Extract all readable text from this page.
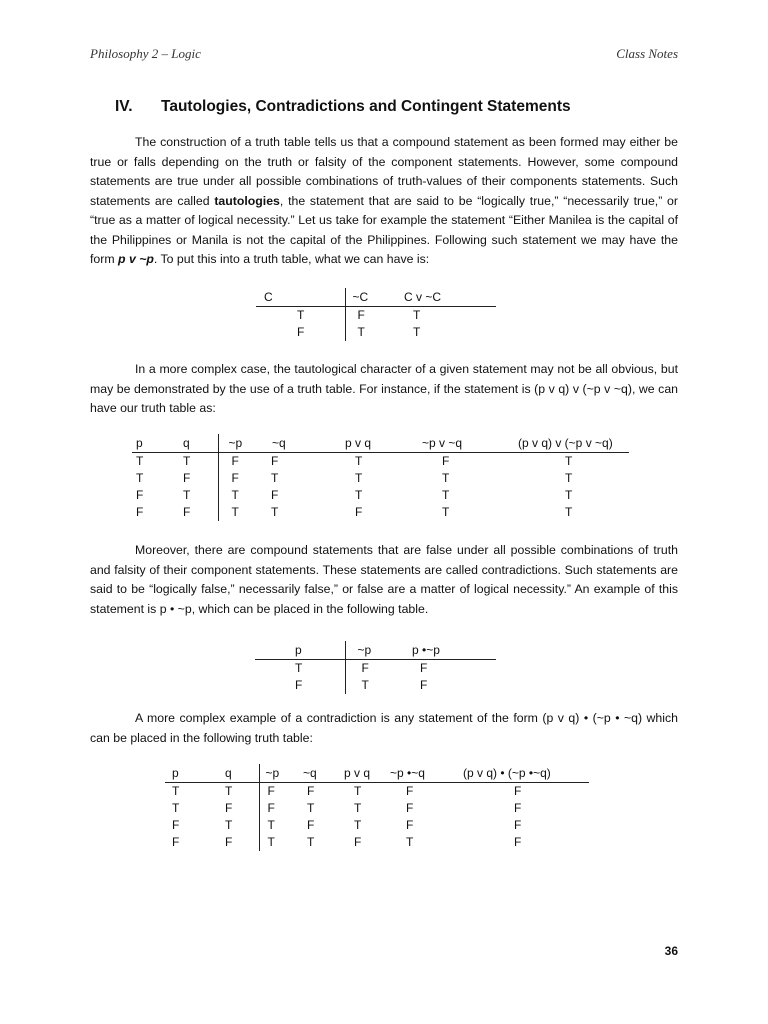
Philosophy 2 – Logic	Class Notes
IV. Tautologies, Contradictions and Contingent Statements

The construction of a truth table tells us that a compound statement as been formed may either be true or falls depending on the truth or falsity of the component statements. However, some compound statements are true under all possible combinations of truth-values of their components statements. Such statements are called tautologies, the statement that are said to be “logically true,” “necessarily true,” or “true as a matter of logical necessity.” Let us take for example the statement “Either Manilea is the capital of the Philippines or Manila is not the capital of the Philippines. Following such statement we may have the form p v ~p. To put this into a truth table, what we can have is:

C	~C	C v ~C
T	F	T
F	T	T

In a more complex case, the tautological character of a given statement may not be all obvious, but may be demonstrated by the use of a truth table. For instance, if the statement is (p v q) v (~p v ~q), we can have our truth table as:

p	q	~p	~q	p v q	~p v ~q	(p v q) v (~p v ~q)
T	T	F	F	T	F	T
T	F	F	T	T	T	T
F	T	T	F	T	T	T
F	F	T	T	F	T	T

Moreover, there are compound statements that are false under all possible combinations of truth and falsity of their component statements. These statements are called contradictions. Such statements are said to be “logically false,” necessarily false,” or false are a matter of logical necessity.” An example of this statement is p • ~p, which can be placed in the following table.

p	~p	p •~p
T	F	F
F	T	F

A more complex example of a contradiction is any statement of the form (p v q) • (~p • ~q) which can be placed in the following truth table:

p	q	~p	~q	p v q	~p •~q	(p v q) • (~p •~q)
T	T	F	F	T	F	F
T	F	F	T	T	F	F
F	T	T	F	T	F	F
F	F	T	T	F	T	F
36
